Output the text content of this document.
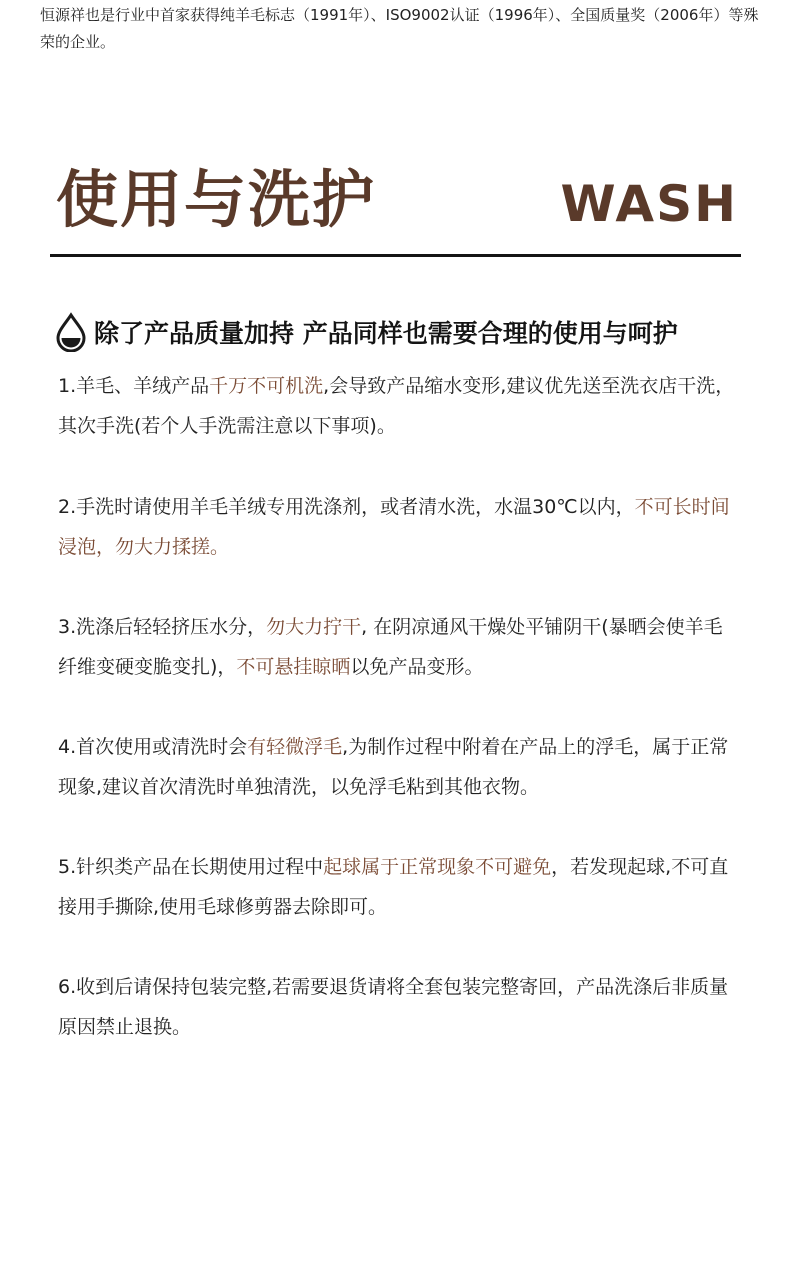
恒源祥也是行业中首家获得纯羊毛标志（1991年）、ISO9002认证（1996年）、全国质量奖（2006年）等殊荣的企业。
使用与洗护	WASH
除了产品质量加持 产品同样也需要合理的使用与呵护
1.羊毛、羊绒产品千万不可机洗,会导致产品缩水变形,建议优先送至洗衣店干洗，其次手洗(若个人手洗需注意以下事项)。
2.手洗时请使用羊毛羊绒专用洗涤剂，或者清水洗，水温30℃以内，不可长时间浸泡，勿大力揉搓。
3.洗涤后轻轻挤压水分，勿大力拧干, 在阴凉通风干燥处平铺阴干(暴晒会使羊毛纤维变硬变脆变扎)，不可悬挂晾晒以免产品变形。
4.首次使用或清洗时会有轻微浮毛,为制作过程中附着在产品上的浮毛，属于正常现象,建议首次清洗时单独清洗，以免浮毛粘到其他衣物。
5.针织类产品在长期使用过程中起球属于正常现象不可避免，若发现起球,不可直接用手撕除,使用毛球修剪器去除即可。
6.收到后请保持包装完整,若需要退货请将全套包装完整寄回，产品洗涤后非质量原因禁止退换。
